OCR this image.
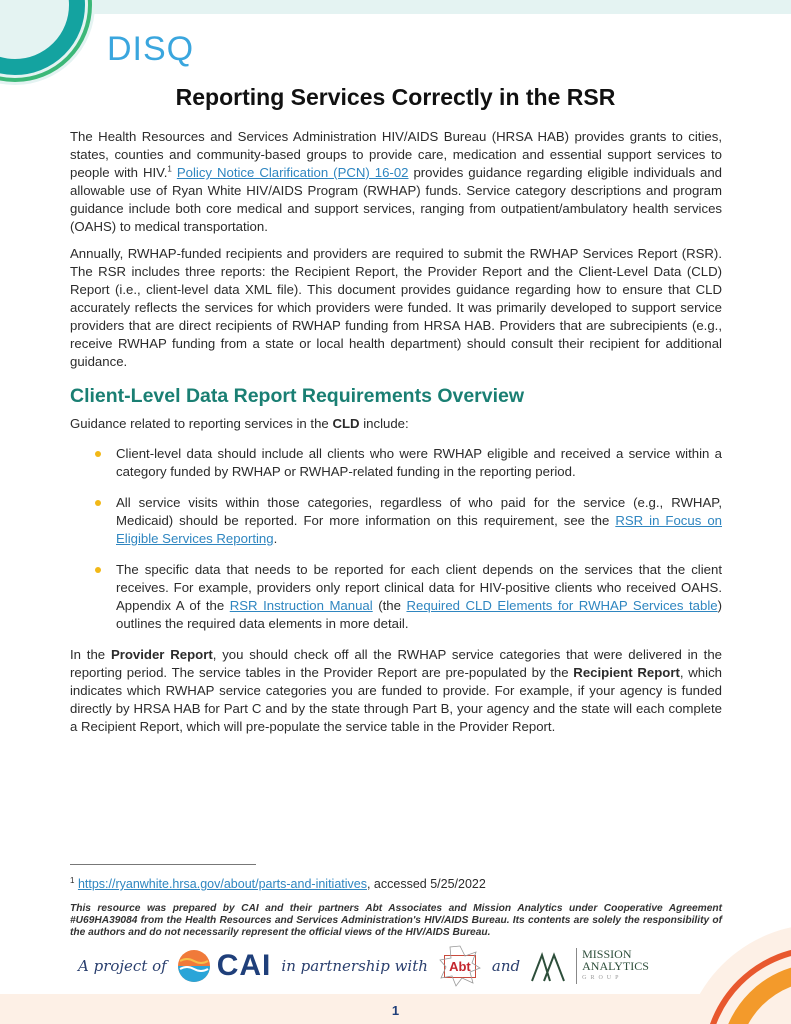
DISQ
Reporting Services Correctly in the RSR

The Health Resources and Services Administration HIV/AIDS Bureau (HRSA HAB) provides grants to cities, states, counties and community-based groups to provide care, medication and essential support services to people with HIV.$^1$ Policy Notice Clarification (PCN) 16-02 provides guidance regarding eligible individuals and allowable use of Ryan White HIV/AIDS Program (RWHAP) funds. Service category descriptions and program guidance include both core medical and support services, ranging from outpatient/ambulatory health services (OAHS) to medical transportation.

Annually, RWHAP-funded recipients and providers are required to submit the RWHAP Services Report (RSR). The RSR includes three reports: the Recipient Report, the Provider Report and the Client-Level Data (CLD) Report (i.e., client-level data XML file). This document provides guidance regarding how to ensure that CLD accurately reflects the services for which providers were funded. It was primarily developed to support service providers that are direct recipients of RWHAP funding from HRSA HAB. Providers that are subrecipients (e.g., receive RWHAP funding from a state or local health department) should consult their recipient for additional guidance.

Client-Level Data Report Requirements Overview

Guidance related to reporting services in the CLD include:

Client-level data should include all clients who were RWHAP eligible and received a service within a category funded by RWHAP or RWHAP-related funding in the reporting period.
All service visits within those categories, regardless of who paid for the service (e.g., RWHAP, Medicaid) should be reported. For more information on this requirement, see the RSR in Focus on Eligible Services Reporting.
The specific data that needs to be reported for each client depends on the services that the client receives. For example, providers only report clinical data for HIV-positive clients who received OAHS. Appendix A of the RSR Instruction Manual (the Required CLD Elements for RWHAP Services table) outlines the required data elements in more detail.

In the Provider Report, you should check off all the RWHAP service categories that were delivered in the reporting period. The service tables in the Provider Report are pre-populated by the Recipient Report, which indicates which RWHAP service categories you are funded to provide. For example, if your agency is funded directly by HRSA HAB for Part C and by the state through Part B, your agency and the state will each complete a Recipient Report, which will pre-populate the service table in the Provider Report.

$^1$ https://ryanwhite.hrsa.gov/about/parts-and-initiatives, accessed 5/25/2022
This resource was prepared by CAI and their partners Abt Associates and Mission Analytics under Cooperative Agreement #U69HA39084 from the Health Resources and Services Administration's HIV/AIDS Bureau. Its contents are solely the responsibility of the authors and do not necessarily represent the official views of the HIV/AIDS Bureau.
A project of CAI in partnership with	Abt	and
MISSION
ANALYTICS
GROUP
1
